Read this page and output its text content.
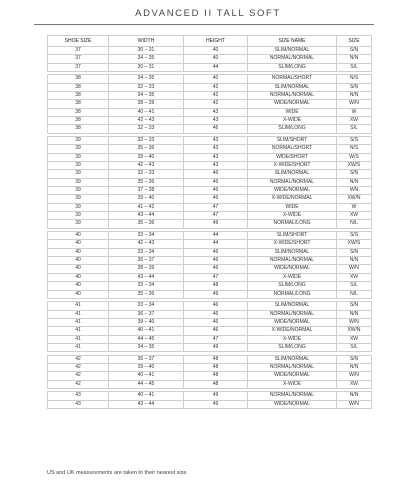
ADVANCED II TALL SOFT
SHOE SIZE	WIDTH	HEIGHT	SIZE NAME	SIZE
37	30 – 31	40	SLIM/NORMAL	S/N
37	34 – 35	40	NORMAL/NORMAL	N/N
37	30 – 31	44	SLIM/LONG	S/L

38	34 – 35	40	NORMAL/SHORT	N/S
38	32 – 33	42	SLIM/NORMAL	S/N
38	34 – 35	42	NORMAL/NORMAL	N/N
38	38 – 39	42	WIDE/NORMAL	W/N
38	40 – 41	43	WIDE	W
38	42 – 43	43	X-WIDE	XW
38	32 – 33	46	SLIM/LONG	S/L

39	32 – 33	43	SLIM/SHORT	S/S
39	35 – 36	43	NORMAL/SHORT	N/S
39	39 – 40	43	WIDE/SHORT	W/S
39	42 – 43	43	X-WIDE/SHORT	XW/S
39	32 – 33	46	SLIM/NORMAL	S/N
39	35 – 36	46	NORMAL/NORMAL	N/N
39	37 – 38	46	WIDE/NORMAL	WN
39	39 – 40	46	X-WIDE/NORMAL	XW/N
39	41 – 42	47	WIDE	W
39	43 – 44	47	X-WIDE	XW
39	35 – 36	49	NORMAL/LONG	N/L

40	33 – 34	44	SLIM/SHORT	S/S
40	42 – 43	44	X-WIDE/SHORT	XW/S
40	33 – 34	46	SLIM/NORMAL	S/N
40	36 – 37	46	NORMAL/NORMAL	N/N
40	38 – 39	46	WIDE/NORMAL	W/N
40	43 – 44	47	X-WIDE	XW
40	33 – 34	48	SLIM/LONG	S/L
40	35 – 36	49	NORMAL/LONG	N/L

41	33 – 34	46	SLIM/NORMAL	S/N
41	36 – 37	46	NORMAL/NORMAL	N/N
41	39 – 40	46	WIDE/NORMAL	W/N
41	40 – 41	46	X-WIDE/NORMAL	XW/N
41	44 – 45	47	X-WIDE	XW
41	34 – 35	49	SLIM/LONG	S/L

42	36 – 37	48	SLIM/NORMAL	S/N
42	39 – 40	48	NORMAL/NORMAL	N/N
42	40 – 41	48	WIDE/NORMAL	W/N
42	44 – 45	48	X-WIDE	XW

43	40 – 41	49	NORMAL/NORMAL	N/N
43	43 – 44	49	WIDE/NORMAL	W/N
US and UK measurements are taken to their nearest size.
